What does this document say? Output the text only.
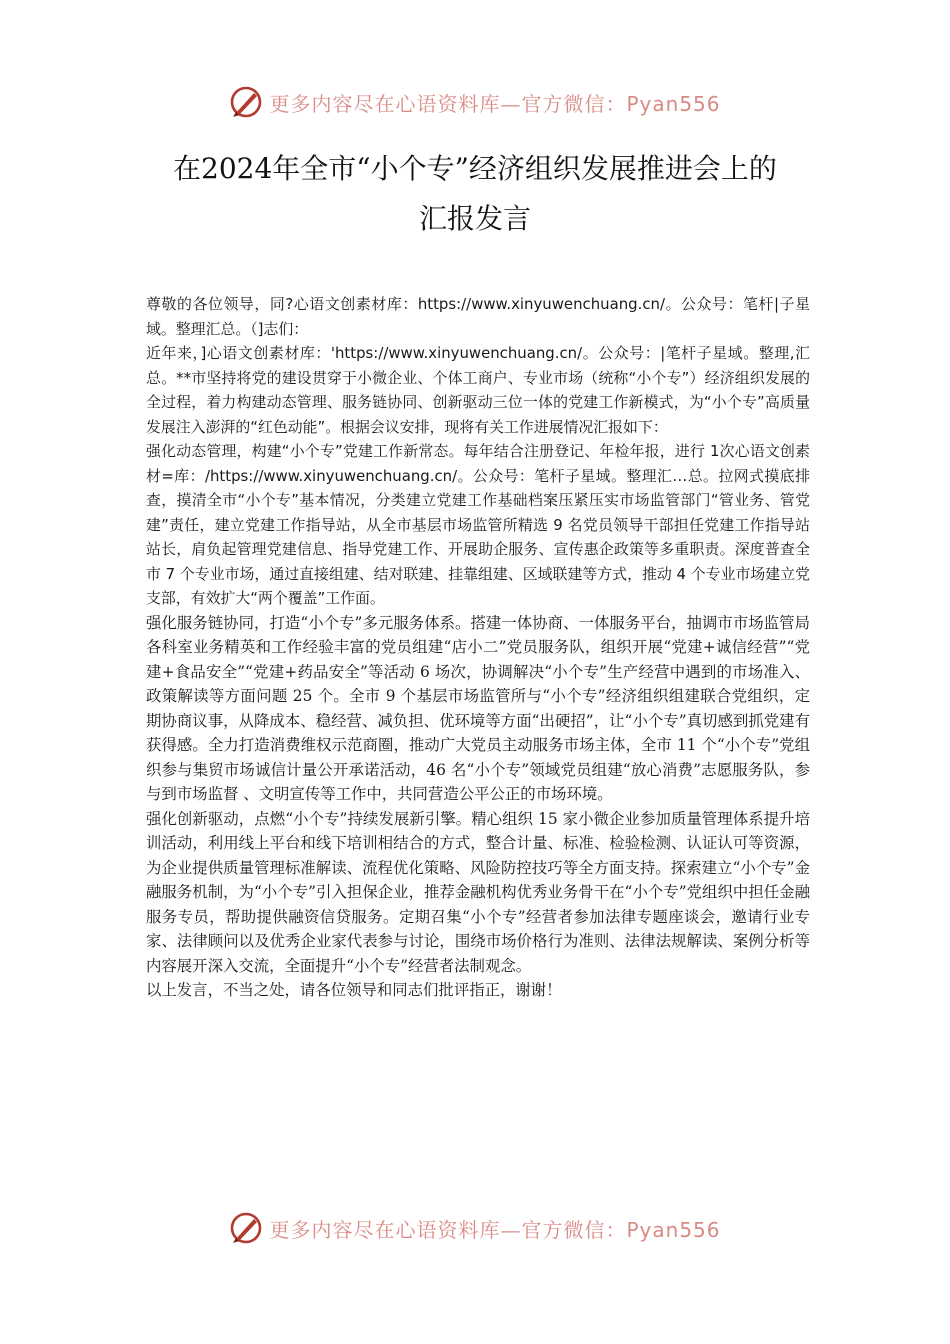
更多内容尽在心语资料库—官方微信：Pyan556
在2024年全市“小个专”经济组织发展推进会上的
汇报发言

尊敬的各位领导，同?心语文创素材库：https://www.xinyuwenchuang.cn/。公众号：笔杆|子星域。整理汇总。（]志们：

近年来，]心语文创素材库：'https://www.xinyuwenchuang.cn/。公众号：|笔杆子星域。整理,汇总。**市坚持将党的建设贯穿于小微企业、个体工商户、专业市场（统称“小个专”）经济组织发展的全过程，着力构建动态管理、服务链协同、创新驱动三位一体的党建工作新模式，为“小个专”高质量发展注入澎湃的“红色动能”。根据会议安排，现将有关工作进展情况汇报如下：

强化动态管理，构建“小个专”党建工作新常态。每年结合注册登记、年检年报，进行 1次心语文创素材=库：/https://www.xinyuwenchuang.cn/。公众号：笔杆子星域。整理汇…总。拉网式摸底排查，摸清全市“小个专”基本情况，分类建立党建工作基础档案压紧压实市场监管部门“管业务、管党建”责任，建立党建工作指导站，从全市基层市场监管所精选 9 名党员领导干部担任党建工作指导站站长，肩负起管理党建信息、指导党建工作、开展助企服务、宣传惠企政策等多重职责。深度普查全市 7 个专业市场，通过直接组建、结对联建、挂靠组建、区域联建等方式，推动 4 个专业市场建立党支部，有效扩大“两个覆盖”工作面。

强化服务链协同，打造“小个专”多元服务体系。搭建一体协商、一体服务平台，抽调市市场监管局各科室业务精英和工作经验丰富的党员组建“店小二”党员服务队，组织开展“党建+诚信经营”“党建+食品安全”“党建+药品安全”等活动 6 场次，协调解决“小个专”生产经营中遇到的市场准入、政策解读等方面问题 25 个。全市 9 个基层市场监管所与“小个专”经济组织组建联合党组织，定期协商议事，从降成本、稳经营、减负担、优环境等方面“出硬招”，让“小个专”真切感到抓党建有获得感。全力打造消费维权示范商圈，推动广大党员主动服务市场主体，全市 11 个“小个专”党组织参与集贸市场诚信计量公开承诺活动，46 名“小个专”领域党员组建“放心消费”志愿服务队，参与到市场监督 、文明宣传等工作中，共同营造公平公正的市场环境。

强化创新驱动，点燃“小个专”持续发展新引擎。精心组织 15 家小微企业参加质量管理体系提升培训活动，利用线上平台和线下培训相结合的方式，整合计量、标准、检验检测、认证认可等资源，为企业提供质量管理标准解读、流程优化策略、风险防控技巧等全方面支持。探索建立“小个专”金融服务机制，为“小个专”引入担保企业，推荐金融机构优秀业务骨干在“小个专”党组织中担任金融服务专员，帮助提供融资信贷服务。定期召集“小个专”经营者参加法律专题座谈会，邀请行业专家、法律顾问以及优秀企业家代表参与讨论，围绕市场价格行为准则、法律法规解读、案例分析等内容展开深入交流，全面提升“小个专”经营者法制观念。

以上发言，不当之处，请各位领导和同志们批评指正，谢谢！

更多内容尽在心语资料库—官方微信：Pyan556
